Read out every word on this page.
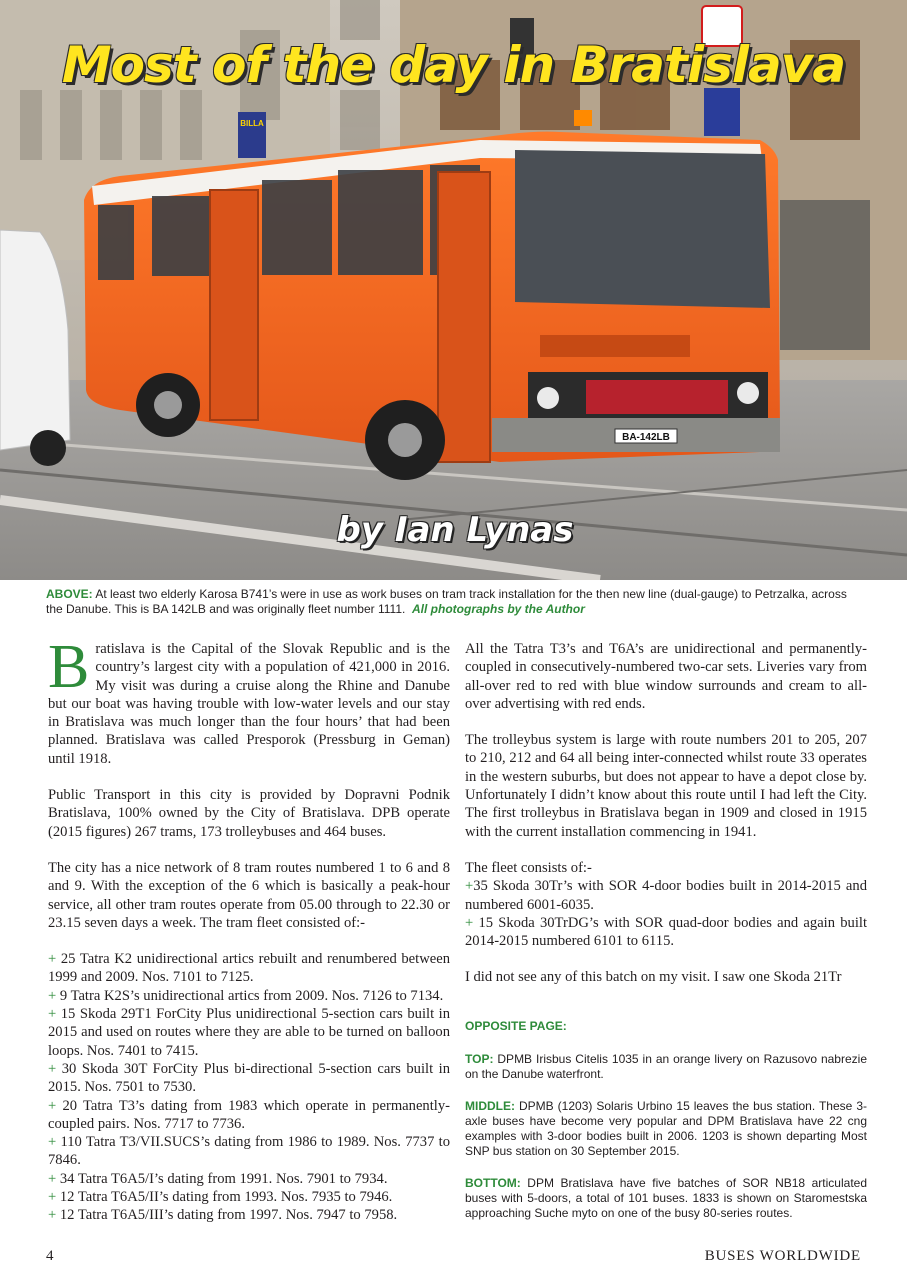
BILLA
BA-142LB
Most of the day in Bratislava
by Ian Lynas
ABOVE: At least two elderly Karosa B741’s were in use as work buses on tram track installation for the then new line (dual-gauge) to Petrzalka, across the Danube. This is BA 142LB and was originally fleet number 1111. All photographs by the Author
Bratislava is the Capital of the Slovak Republic and is the country’s largest city with a population of 421,000 in 2016. My visit was during a cruise along the Rhine and Danube but our boat was having trouble with low-water levels and our stay in Bratislava was much longer than the four hours’ that had been planned. Bratislava was called Presporok (Pressburg in Geman) until 1918.
Public Transport in this city is provided by Dopravni Podnik Bratislava, 100% owned by the City of Bratislava. DPB operate (2015 figures) 267 trams, 173 trolleybuses and 464 buses.
The city has a nice network of 8 tram routes numbered 1 to 6 and 8 and 9. With the exception of the 6 which is basically a peak-hour service, all other tram routes operate from 05.00 through to 22.30 or 23.15 seven days a week. The tram fleet consisted of:-
+ 25 Tatra K2 unidirectional artics rebuilt and renumbered between 1999 and 2009. Nos. 7101 to 7125.
+ 9 Tatra K2S’s unidirectional artics from 2009. Nos. 7126 to 7134.
+ 15 Skoda 29T1 ForCity Plus unidirectional 5-section cars built in 2015 and used on routes where they are able to be turned on balloon loops. Nos. 7401 to 7415.
+ 30 Skoda 30T ForCity Plus bi-directional 5-section cars built in 2015. Nos. 7501 to 7530.
+ 20 Tatra T3’s dating from 1983 which operate in permanently-coupled pairs. Nos. 7717 to 7736.
+ 110 Tatra T3/VII.SUCS’s dating from 1986 to 1989. Nos. 7737 to 7846.
+ 34 Tatra T6A5/I’s dating from 1991. Nos. 7901 to 7934.
+ 12 Tatra T6A5/II’s dating from 1993. Nos. 7935 to 7946.
+ 12 Tatra T6A5/III’s dating from 1997. Nos. 7947 to 7958.
All the Tatra T3’s and T6A’s are unidirectional and permanently-coupled in consecutively-numbered two-car sets. Liveries vary from all-over red to red with blue window surrounds and cream to all-over advertising with red ends.
The trolleybus system is large with route numbers 201 to 205, 207 to 210, 212 and 64 all being inter-connected whilst route 33 operates in the western suburbs, but does not appear to have a depot close by. Unfortunately I didn’t know about this route until I had left the City. The first trolleybus in Bratislava began in 1909 and closed in 1915 with the current installation commencing in 1941.
The fleet consists of:-
+35 Skoda 30Tr’s with SOR 4-door bodies built in 2014-2015 and numbered 6001-6035.
+ 15 Skoda 30TrDG’s with SOR quad-door bodies and again built 2014-2015 numbered 6101 to 6115.
I did not see any of this batch on my visit. I saw one Skoda 21Tr
OPPOSITE PAGE:
TOP: DPMB Irisbus Citelis 1035 in an orange livery on Razusovo nabrezie on the Danube waterfront.
MIDDLE: DPMB (1203) Solaris Urbino 15 leaves the bus station. These 3-axle buses have become very popular and DPM Bratislava have 22 cng examples with 3-door bodies built in 2006. 1203 is shown departing Most SNP bus station on 30 September 2015.
BOTTOM: DPM Bratislava have five batches of SOR NB18 articulated buses with 5-doors, a total of 101 buses. 1833 is shown on Staromestska approaching Suche myto on one of the busy 80-series routes.
4	BUSES WORLDWIDE
